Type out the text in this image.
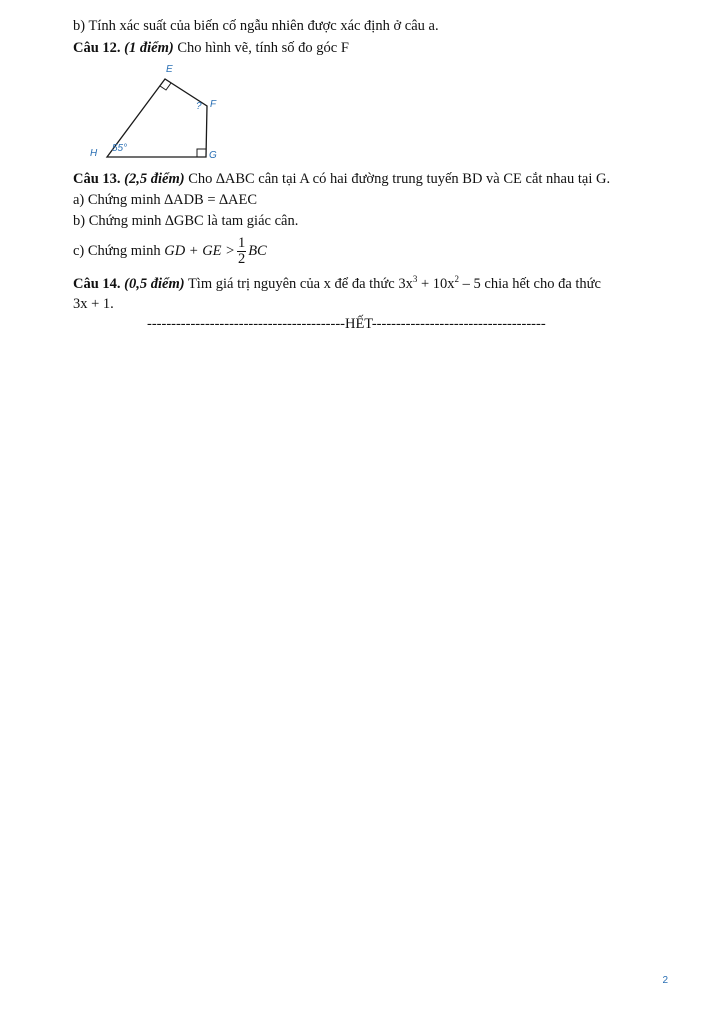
b) Tính xác suất của biến cố ngẫu nhiên được xác định ở câu a.
Câu 12. (1 điểm) Cho hình vẽ, tính số đo góc F
E
F
?
G
H 55°
Câu 13. (2,5 điểm) Cho ∆ABC cân tại A có hai đường trung tuyến BD và CE cắt nhau tại G.
a) Chứng minh ∆ADB = ∆AEC
b) Chứng minh ∆GBC là tam giác cân.
c) Chứng minh GD + GE > $\frac{1}{2}$ BC
Câu 14. (0,5 điểm) Tìm giá trị nguyên của x để đa thức $3x^3 + 10x^2 - 5$ chia hết cho đa thức
3x + 1.
-----------------------------------------HẾT------------------------------------
2
